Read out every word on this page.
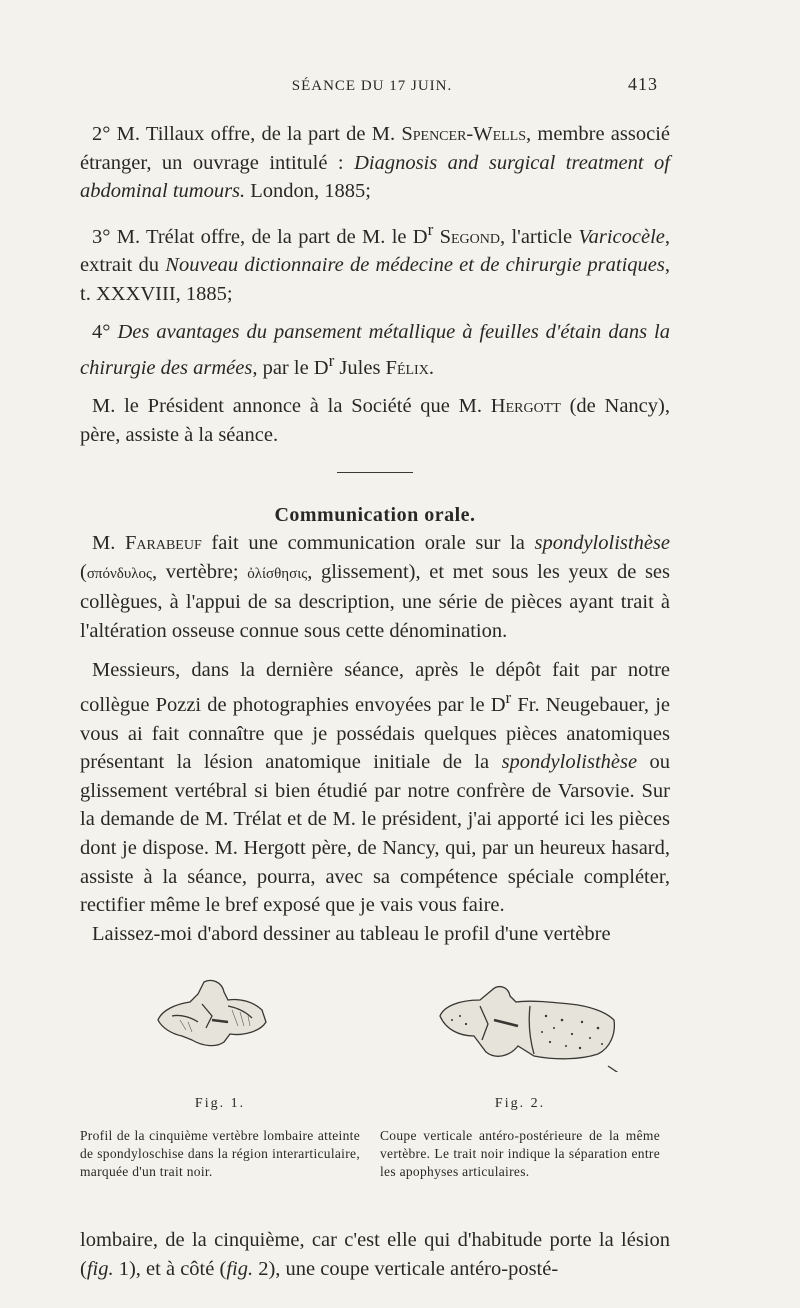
SÉANCE DU 17 JUIN.	413

2° M. Tillaux offre, de la part de M. Spencer-Wells, membre associé étranger, un ouvrage intitulé : Diagnosis and surgical treatment of abdominal tumours. London, 1885;

3° M. Trélat offre, de la part de M. le $D^r$ Segond, l'article Varicocèle, extrait du Nouveau dictionnaire de médecine et de chirurgie pratiques, t. XXXVIII, 1885;

4° Des avantages du pansement métallique à feuilles d'étain dans la chirurgie des armées, par le $D^r$ Jules Félix.

M. le Président annonce à la Société que M. Hergott (de Nancy), père, assiste à la séance.

Communication orale.

M. Farabeuf fait une communication orale sur la spondylolisthèse (σπόνδυλος, vertèbre; ὀλίσθησις, glissement), et met sous les yeux de ses collègues, à l'appui de sa description, une série de pièces ayant trait à l'altération osseuse connue sous cette dénomination.

Messieurs, dans la dernière séance, après le dépôt fait par notre collègue Pozzi de photographies envoyées par le $D^r$ Fr. Neugebauer, je vous ai fait connaître que je possédais quelques pièces anatomiques présentant la lésion anatomique initiale de la spondylolisthèse ou glissement vertébral si bien étudié par notre confrère de Varsovie. Sur la demande de M. Trélat et de M. le président, j'ai apporté ici les pièces dont je dispose. M. Hergott père, de Nancy, qui, par un heureux hasard, assiste à la séance, pourra, avec sa compétence spéciale compléter, rectifier même le bref exposé que je vais vous faire.

Laissez-moi d'abord dessiner au tableau le profil d'une vertèbre

Fig. 1.
Profil de la cinquième vertèbre lombaire atteinte de spondyloschise dans la région interarticulaire, marquée d'un trait noir.
Fig. 2.
Coupe verticale antéro-postérieure de la même vertèbre. Le trait noir indique la séparation entre les apophyses articulaires.

lombaire, de la cinquième, car c'est elle qui d'habitude porte la lésion (fig. 1), et à côté (fig. 2), une coupe verticale antéro-posté-
